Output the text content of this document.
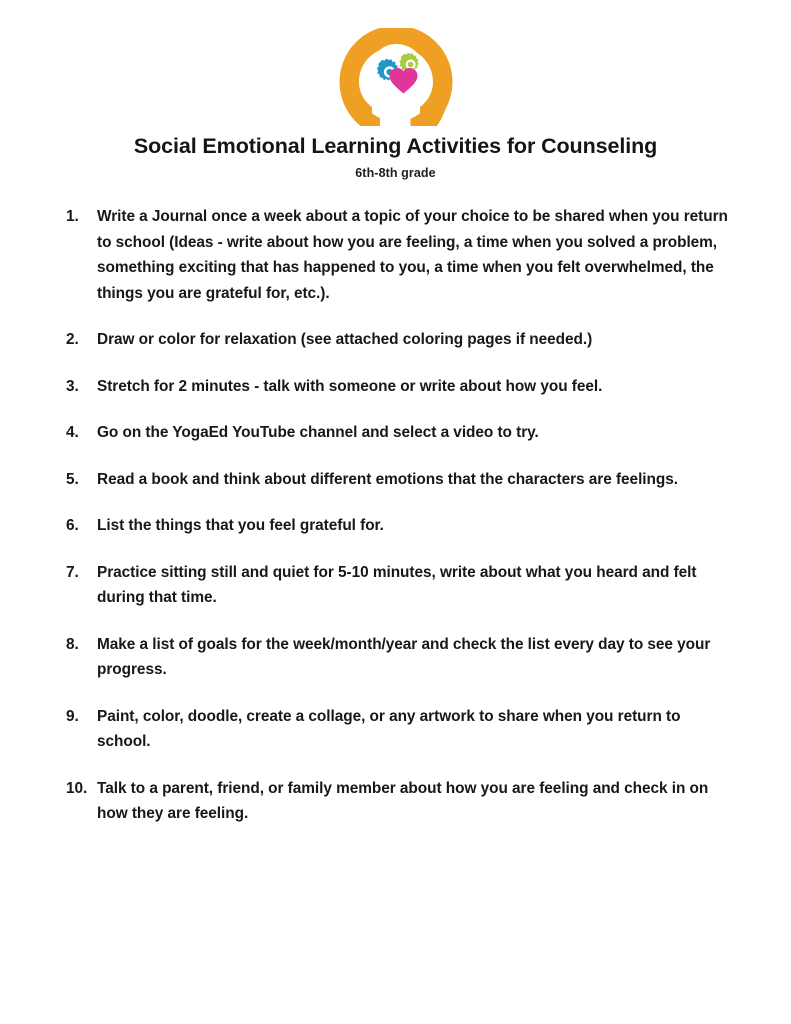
Social Emotional Learning Activities for Counseling
6th-8th grade
1.	Write a Journal once a week about a topic of your choice to be shared when you return to school (Ideas - write about how you are feeling, a time when you solved a problem, something exciting that has happened to you, a time when you felt overwhelmed, the things you are grateful for, etc.).
2.	Draw or color for relaxation (see attached coloring pages if needed.)
3.	Stretch for 2 minutes - talk with someone or write about how you feel.
4.	Go on the YogaEd YouTube channel and select a video to try.
5.	Read a book and think about different emotions that the characters are feelings.
6.	List the things that you feel grateful for.
7.	Practice sitting still and quiet for 5-10 minutes, write about what you heard and felt during that time.
8.	Make a list of goals for the week/month/year and check the list every day to see your progress.
9.	Paint, color, doodle, create a collage, or any artwork to share when you return to school.
10. Talk to a parent, friend, or family member about how you are feeling and check in on how they are feeling.
